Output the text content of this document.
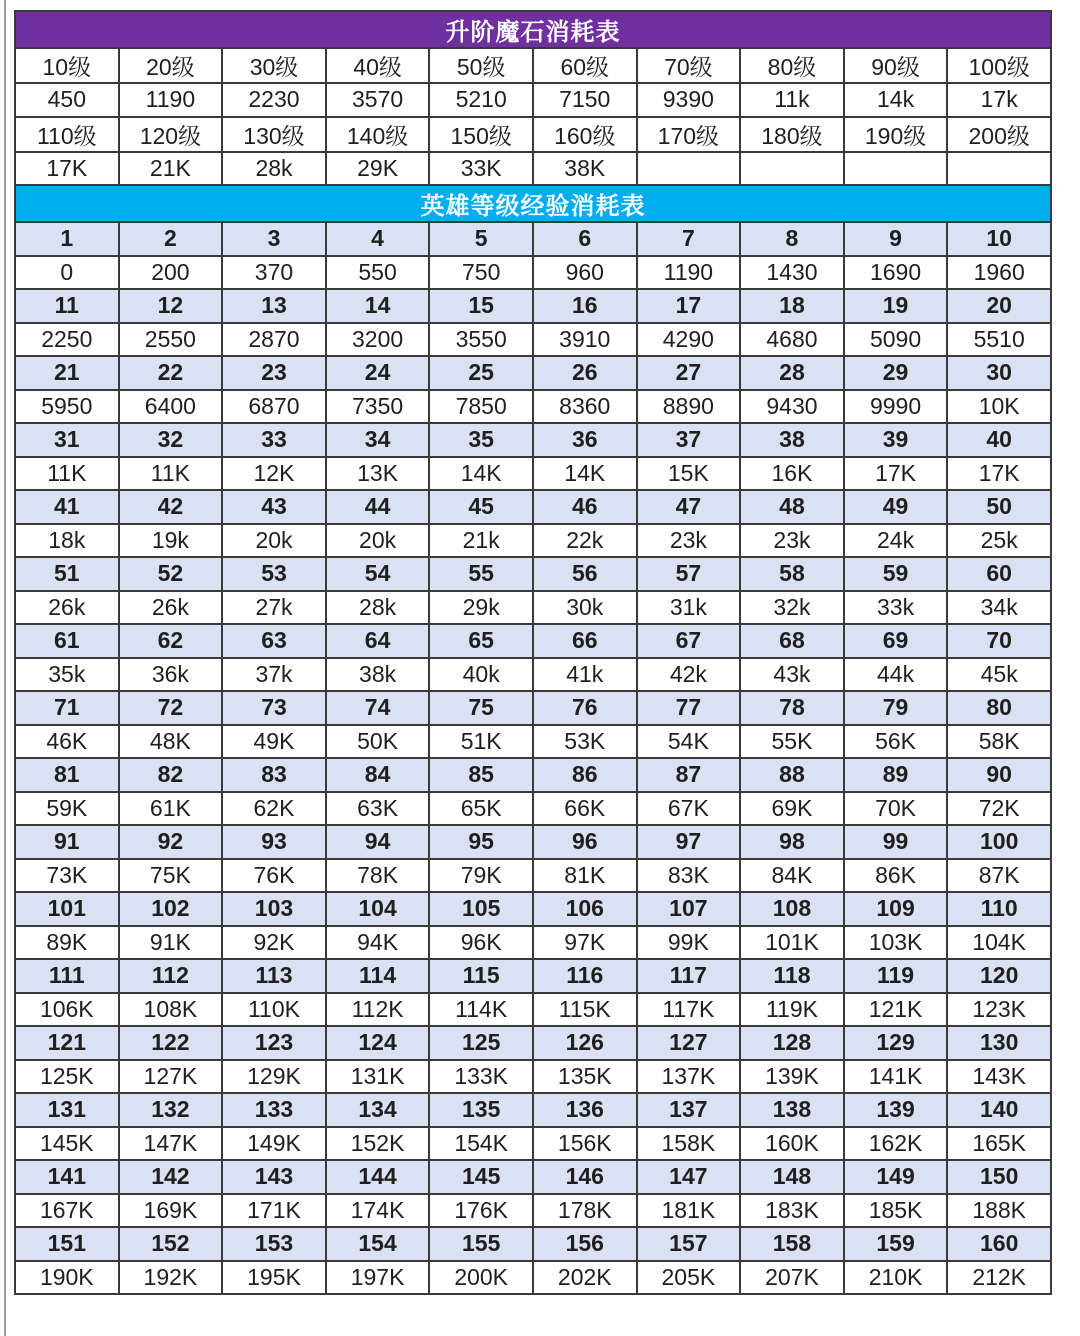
升阶魔石消耗表									
10级	20级	30级	40级	50级	60级	70级	80级	90级	100级
450	1190	2230	3570	5210	7150	9390	11k	14k	17k
110级	120级	130级	140级	150级	160级	170级	180级	190级	200级
17K	21K	28k	29K	33K	38K				
英雄等级经验消耗表									
1	2	3	4	5	6	7	8	9	10
0	200	370	550	750	960	1190	1430	1690	1960
11	12	13	14	15	16	17	18	19	20
2250	2550	2870	3200	3550	3910	4290	4680	5090	5510
21	22	23	24	25	26	27	28	29	30
5950	6400	6870	7350	7850	8360	8890	9430	9990	10K
31	32	33	34	35	36	37	38	39	40
11K	11K	12K	13K	14K	14K	15K	16K	17K	17K
41	42	43	44	45	46	47	48	49	50
18k	19k	20k	20k	21k	22k	23k	23k	24k	25k
51	52	53	54	55	56	57	58	59	60
26k	26k	27k	28k	29k	30k	31k	32k	33k	34k
61	62	63	64	65	66	67	68	69	70
35k	36k	37k	38k	40k	41k	42k	43k	44k	45k
71	72	73	74	75	76	77	78	79	80
46K	48K	49K	50K	51K	53K	54K	55K	56K	58K
81	82	83	84	85	86	87	88	89	90
59K	61K	62K	63K	65K	66K	67K	69K	70K	72K
91	92	93	94	95	96	97	98	99	100
73K	75K	76K	78K	79K	81K	83K	84K	86K	87K
101	102	103	104	105	106	107	108	109	110
89K	91K	92K	94K	96K	97K	99K	101K	103K	104K
111	112	113	114	115	116	117	118	119	120
106K	108K	110K	112K	114K	115K	117K	119K	121K	123K
121	122	123	124	125	126	127	128	129	130
125K	127K	129K	131K	133K	135K	137K	139K	141K	143K
131	132	133	134	135	136	137	138	139	140
145K	147K	149K	152K	154K	156K	158K	160K	162K	165K
141	142	143	144	145	146	147	148	149	150
167K	169K	171K	174K	176K	178K	181K	183K	185K	188K
151	152	153	154	155	156	157	158	159	160
190K	192K	195K	197K	200K	202K	205K	207K	210K	212K
